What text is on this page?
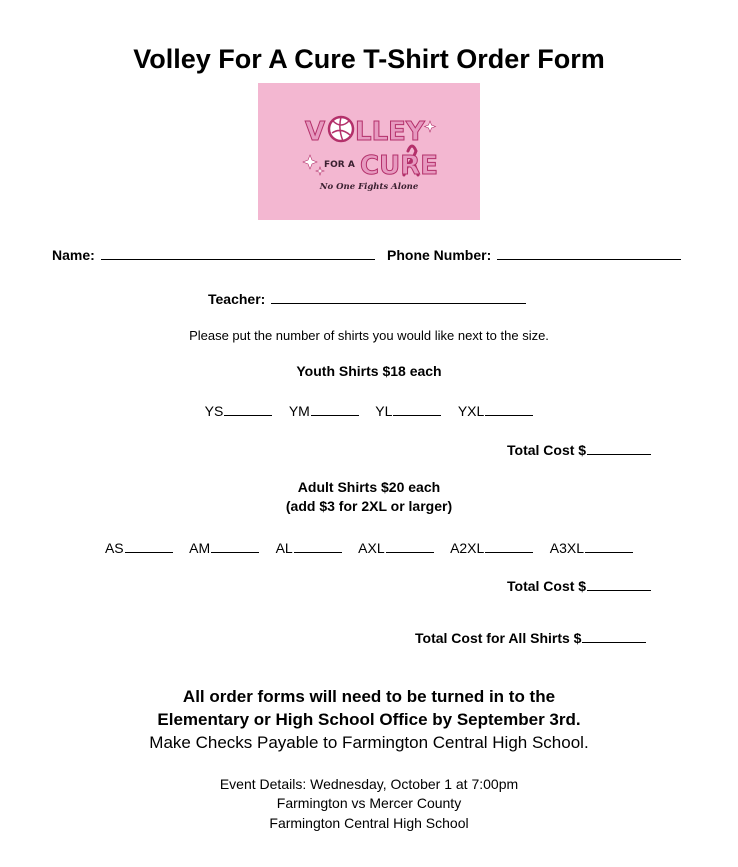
Volley For A Cure T-Shirt Order Form
V LLEY
FOR A CURE
No One Fights Alone
Name:	Phone Number:
Teacher:
Please put the number of shirts you would like next to the size.
Youth Shirts $18 each
YS	YM	YL	YXL
Total Cost $
Adult Shirts $20 each
(add $3 for 2XL or larger)
AS	AM	AL	AXL	A2XL	A3XL
Total Cost $
Total Cost for All Shirts $
All order forms will need to be turned in to the
Elementary or High School Office by September 3rd.
Make Checks Payable to Farmington Central High School.
Event Details: Wednesday, October 1 at 7:00pm
Farmington vs Mercer County
Farmington Central High School
